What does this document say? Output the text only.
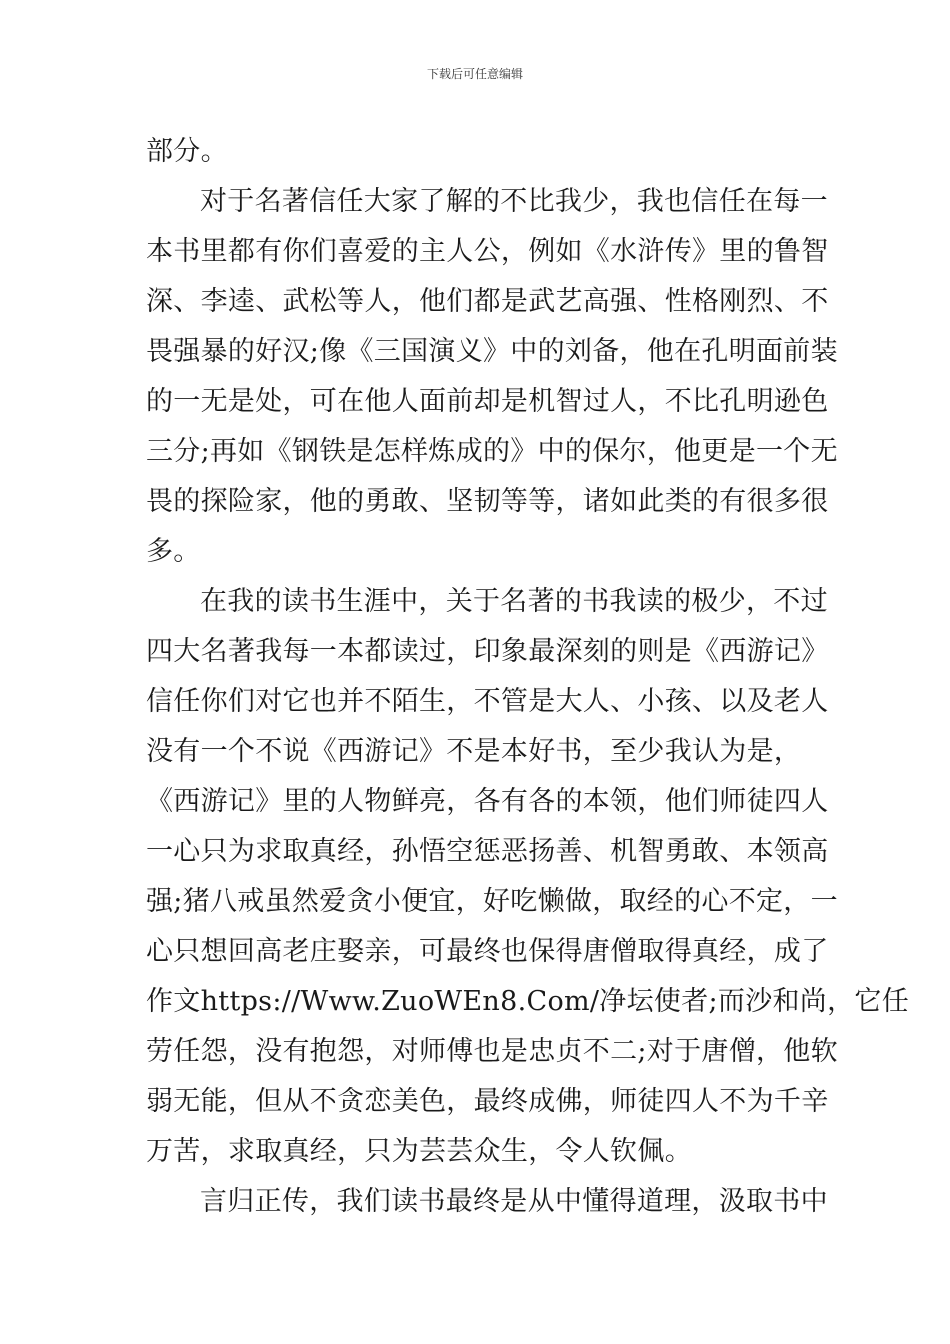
下载后可任意编辑
部分。
对于名著信任大家了解的不比我少，我也信任在每一
本书里都有你们喜爱的主人公，例如《水浒传》里的鲁智
深、李逵、武松等人，他们都是武艺高强、性格刚烈、不
畏强暴的好汉;像《三国演义》中的刘备，他在孔明面前装
的一无是处，可在他人面前却是机智过人，不比孔明逊色
三分;再如《钢铁是怎样炼成的》中的保尔，他更是一个无
畏的探险家，他的勇敢、坚韧等等，诸如此类的有很多很
多。
在我的读书生涯中，关于名著的书我读的极少，不过
四大名著我每一本都读过，印象最深刻的则是《西游记》
信任你们对它也并不陌生，不管是大人、小孩、以及老人
没有一个不说《西游记》不是本好书，至少我认为是，
《西游记》里的人物鲜亮，各有各的本领，他们师徒四人
一心只为求取真经，孙悟空惩恶扬善、机智勇敢、本领高
强;猪八戒虽然爱贪小便宜，好吃懒做，取经的心不定，一
心只想回高老庄娶亲，可最终也保得唐僧取得真经，成了
作文https://Www.ZuoWEn8.Com/净坛使者;而沙和尚，它任
劳任怨，没有抱怨，对师傅也是忠贞不二;对于唐僧，他软
弱无能，但从不贪恋美色，最终成佛，师徒四人不为千辛
万苦，求取真经，只为芸芸众生，令人钦佩。
言归正传，我们读书最终是从中懂得道理，汲取书中
